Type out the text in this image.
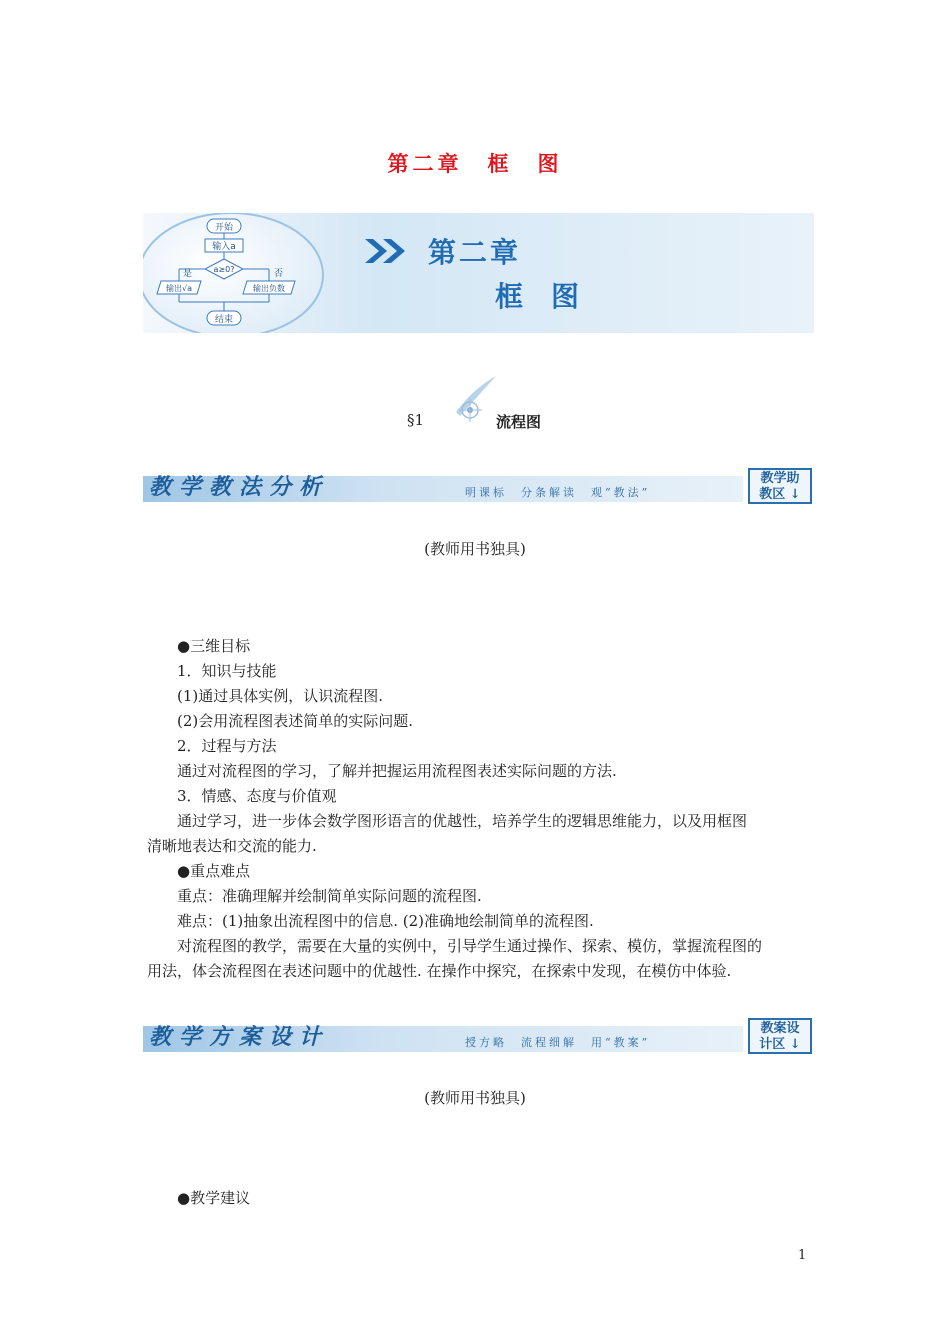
第二章　框　图
开始
输入a
a≥0?
是	否
输出√a	输出负数
结束
第二章
框　图
§1	流程图
教学教法分析	明课标　分条解读　观“教法”
教学助
教区 ↓
(教师用书独具)
●三维目标
1．知识与技能
(1)通过具体实例，认识流程图.
(2)会用流程图表述简单的实际问题.
2．过程与方法
通过对流程图的学习，了解并把握运用流程图表述实际问题的方法.
3．情感、态度与价值观
通过学习，进一步体会数学图形语言的优越性，培养学生的逻辑思维能力，以及用框图
清晰地表达和交流的能力.
●重点难点
重点：准确理解并绘制简单实际问题的流程图.
难点：(1)抽象出流程图中的信息. (2)准确地绘制简单的流程图.
对流程图的教学，需要在大量的实例中，引导学生通过操作、探索、模仿，掌握流程图的
用法，体会流程图在表述问题中的优越性. 在操作中探究，在探索中发现，在模仿中体验.
教学方案设计	授方略　流程细解　用“教案”
教案设
计区 ↓
(教师用书独具)
●教学建议
1
